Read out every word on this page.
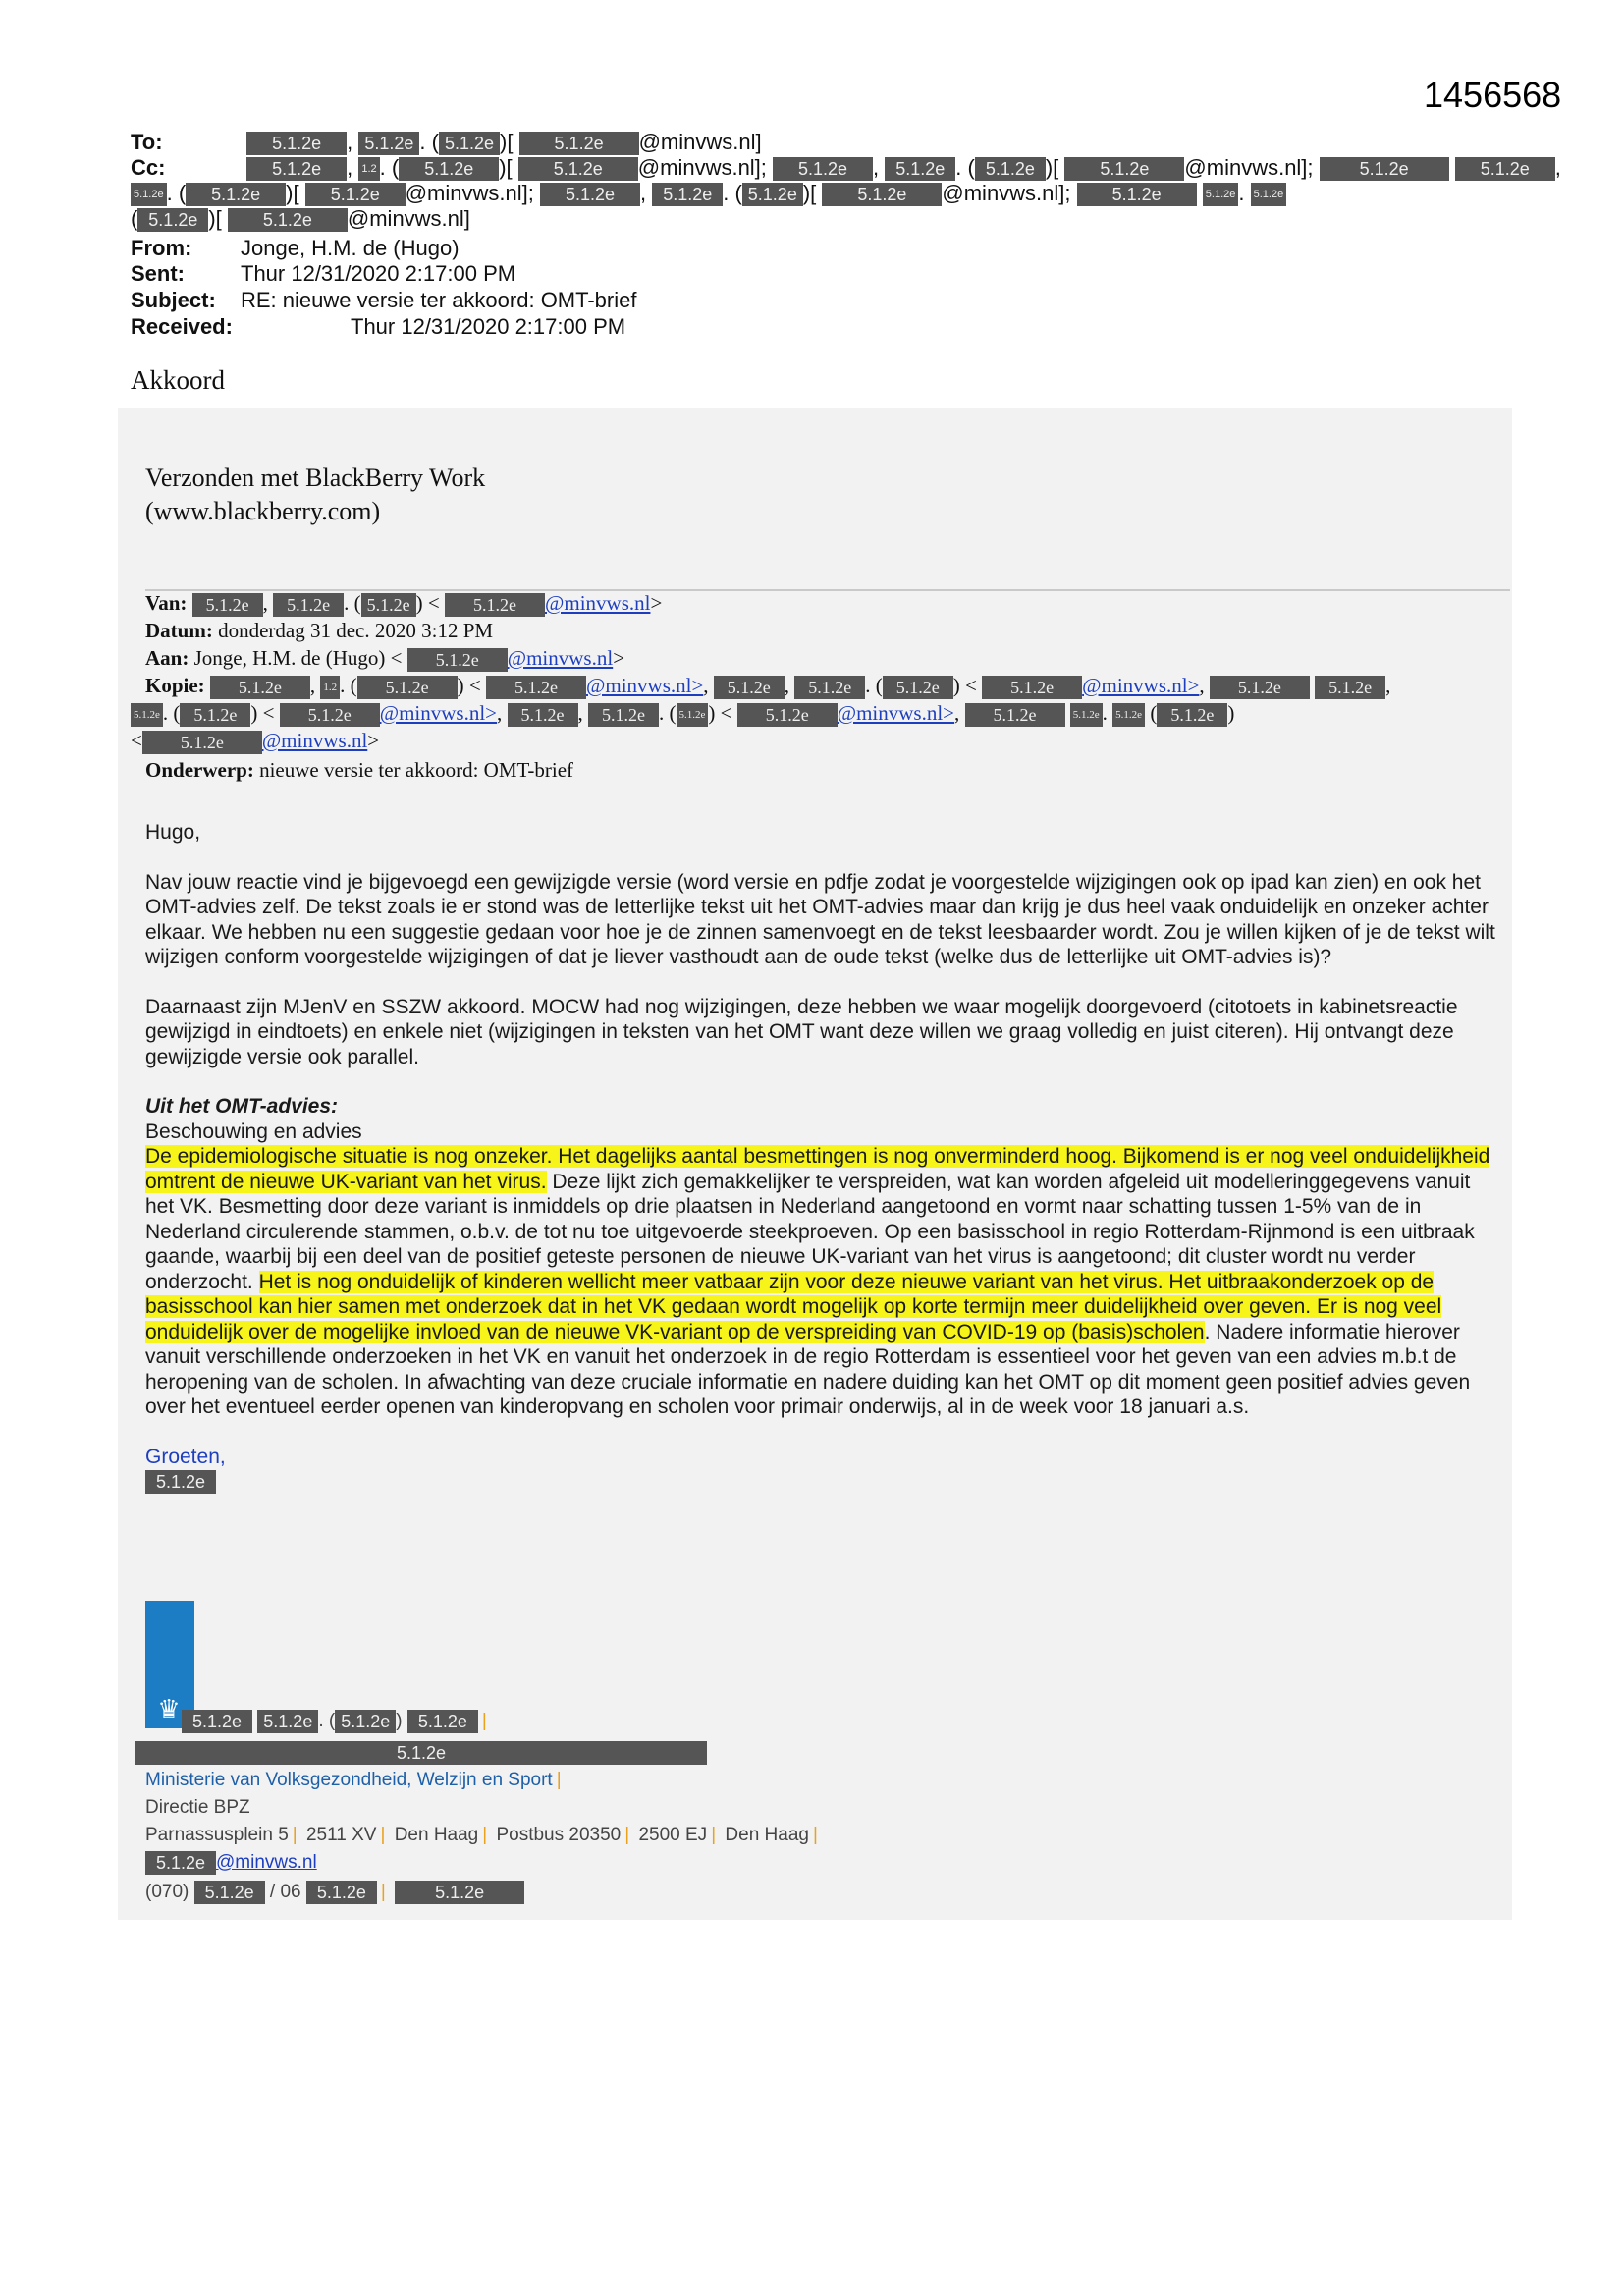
1456568
To:	5.1.2e , 5.1.2e . ( 5.1.2e )[ 5.1.2e @minvws.nl]
Cc:	5.1.2e , 1.2 . ( 5.1.2e )[ 5.1.2e @minvws.nl]; 5.1.2e , 5.1.2e . ( 5.1.2e )[ 5.1.2e @minvws.nl];	5.1.2e	5.1.2e ,
5.1.2e . ( 5.1.2e )[ 5.1.2e @minvws.nl]; 5.1.2e , 5.1.2e . ( 5.1.2e )[ 5.1.2e @minvws.nl]; 5.1.2e	5.1.2e . 5.1.2e
( 5.1.2e )[ 5.1.2e @minvws.nl]
From: Jonge, H.M. de (Hugo)
Sent:	Thur 12/31/2020 2:17:00 PM
Subject: RE: nieuwe versie ter akkoord: OMT-brief
Received:	Thur 12/31/2020 2:17:00 PM
Akkoord
Verzonden met BlackBerry Work
(www.blackberry.com)
Van: 5.1.2e , 5.1.2e . ( 5.1.2e ) < 5.1.2e @minvws.nl>
Datum: donderdag 31 dec. 2020 3:12 PM
Aan: Jonge, H.M. de (Hugo) < 5.1.2e @minvws.nl>
Kopie: 5.1.2e , 1.2 . ( 5.1.2e ) < 5.1.2e @minvws.nl>, 5.1.2e , 5.1.2e . ( 5.1.2e ) < 5.1.2e @minvws.nl>, 5.1.2e	5.1.2e ,
5.1.2e . ( 5.1.2e ) < 5.1.2e @minvws.nl>, 5.1.2e , 5.1.2e . ( 5.1.2e ) < 5.1.2e @minvws.nl>, 5.1.2e	5.1.2e . 5.1.2e ( 5.1.2e )
< 5.1.2e @minvws.nl>
Onderwerp: nieuwe versie ter akkoord: OMT-brief

Hugo,

Nav jouw reactie vind je bijgevoegd een gewijzigde versie (word versie en pdfje zodat je voorgestelde wijzigingen ook op ipad kan zien) en ook het OMT-advies zelf. De tekst zoals ie er stond was de letterlijke tekst uit het OMT-advies maar dan krijg je dus heel vaak onduidelijk en onzeker achter elkaar. We hebben nu een suggestie gedaan voor hoe je de zinnen samenvoegt en de tekst leesbaarder wordt. Zou je willen kijken of je de tekst wilt wijzigen conform voorgestelde wijzigingen of dat je liever vasthoudt aan de oude tekst (welke dus de letterlijke uit OMT-advies is)?

Daarnaast zijn MJenV en SSZW akkoord. MOCW had nog wijzigingen, deze hebben we waar mogelijk doorgevoerd (citotoets in kabinetsreactie gewijzigd in eindtoets) en enkele niet (wijzigingen in teksten van het OMT want deze willen we graag volledig en juist citeren). Hij ontvangt deze gewijzigde versie ook parallel.

Uit het OMT-advies:

Beschouwing en advies

De epidemiologische situatie is nog onzeker. Het dagelijks aantal besmettingen is nog onverminderd hoog. Bijkomend is er nog veel onduidelijkheid omtrent de nieuwe UK-variant van het virus. Deze lijkt zich gemakkelijker te verspreiden, wat kan worden afgeleid uit modelleringgegevens vanuit het VK. Besmetting door deze variant is inmiddels op drie plaatsen in Nederland aangetoond en vormt naar schatting tussen 1-5% van de in Nederland circulerende stammen, o.b.v. de tot nu toe uitgevoerde steekproeven. Op een basisschool in regio Rotterdam-Rijnmond is een uitbraak gaande, waarbij bij een deel van de positief geteste personen de nieuwe UK-variant van het virus is aangetoond; dit cluster wordt nu verder onderzocht. Het is nog onduidelijk of kinderen wellicht meer vatbaar zijn voor deze nieuwe variant van het virus. Het uitbraakonderzoek op de basisschool kan hier samen met onderzoek dat in het VK gedaan wordt mogelijk op korte termijn meer duidelijkheid over geven. Er is nog veel onduidelijk over de mogelijke invloed van de nieuwe VK-variant op de verspreiding van COVID-19 op (basis)scholen. Nadere informatie hierover vanuit verschillende onderzoeken in het VK en vanuit het onderzoek in de regio Rotterdam is essentieel voor het geven van een advies m.b.t de heropening van de scholen. In afwachting van deze cruciale informatie en nadere duiding kan het OMT op dit moment geen positief advies geven over het eventueel eerder openen van kinderopvang en scholen voor primair onderwijs, al in de week voor 18 januari a.s.

Groeten,

5.1.2e

♛ 5.1.2e 5.1.2e . ( 5.1.2e ) 5.1.2e |
5.1.2e
Ministerie van Volksgezondheid, Welzijn en Sport |
Directie BPZ
Parnassusplein 5 | 2511 XV | Den Haag | Postbus 20350 | 2500 EJ | Den Haag |
5.1.2e @minvws.nl
(070) 5.1.2e / 06 5.1.2e |	5.1.2e
